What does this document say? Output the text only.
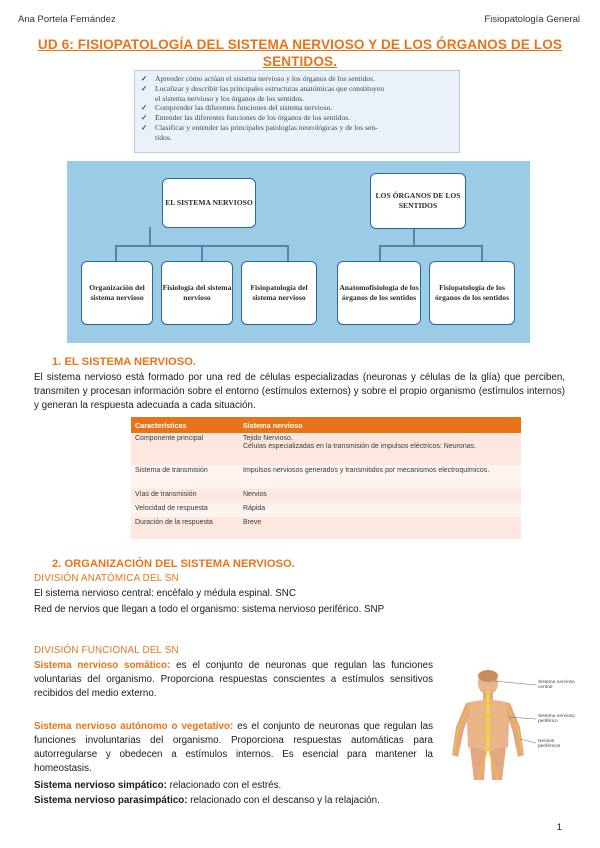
Ana Portela Fernández	Fisiopatología General
UD 6: FISIOPATOLOGÍA DEL SISTEMA NERVIOSO Y DE LOS ÓRGANOS DE LOS SENTIDOS.
✓ Aprender cómo actúan el sistema nervioso y los órganos de los sentidos.
✓ Localizar y describir las principales estructuras anatómicas que constituyen
el sistema nervioso y los órganos de los sentidos.
✓ Comprender las diferentes funciones del sistema nervioso.
✓ Entender las diferentes funciones de los órganos de los sentidos.
✓ Clasificar y entender las principales patologías neurológicas y de los sen-
tidos.
EL SISTEMA NERVIOSO
LOS ÓRGANOS DE LOS SENTIDOS
Organización del sistema nervioso
Fisiología del sistema nervioso
Fisiopatología del sistema nervioso
Anatomofisiología de los órganos de los sentidos
Fisiopatología de los órganos de los sentidos
1. EL SISTEMA NERVIOSO.
El sistema nervioso está formado por una red de células especializadas (neuronas y células de la glía) que perciben, transmiten y procesan información sobre el entorno (estímulos externos) y sobre el propio organismo (estímulos internos) y generan la respuesta adecuada a cada situación.
Características	Sistema nervioso
Componente principal	Tejido Nervioso.
Células especializadas en la transmisión de impulsos eléctricos: Neuronas.
Sistema de transmisión	Impulsos nerviosos generados y transmitidos por mecanismos electroquímicos.
Vías de transmisión	Nervios
Velocidad de respuesta	Rápida
Duración de la respuesta	Breve
2. ORGANIZACIÓN DEL SISTEMA NERVIOSO.
DIVISIÓN ANATÓMICA DEL SN
El sistema nervioso central: encéfalo y médula espinal. SNC
Red de nervios que llegan a todo el organismo: sistema nervioso periférico. SNP
DIVISIÓN FUNCIONAL DEL SN
Sistema nervioso somático: es el conjunto de neuronas que regulan las funciones voluntarias del organismo. Proporciona respuestas conscientes a estímulos sensitivos recibidos del medio externo.
Sistema nervioso autónomo o vegetativo: es el conjunto de neuronas que regulan las funciones involuntarias del organismo. Proporciona respuestas automáticas para autorregularse y obedecen a estímulos internos. Es esencial para mantener la homeostasis.
Sistema nervioso simpático: relacionado con el estrés.
Sistema nervioso parasimpático: relacionado con el descanso y la relajación.
Sistema nervioso central
Sistema nervioso periférico
Nervios periféricos
1
